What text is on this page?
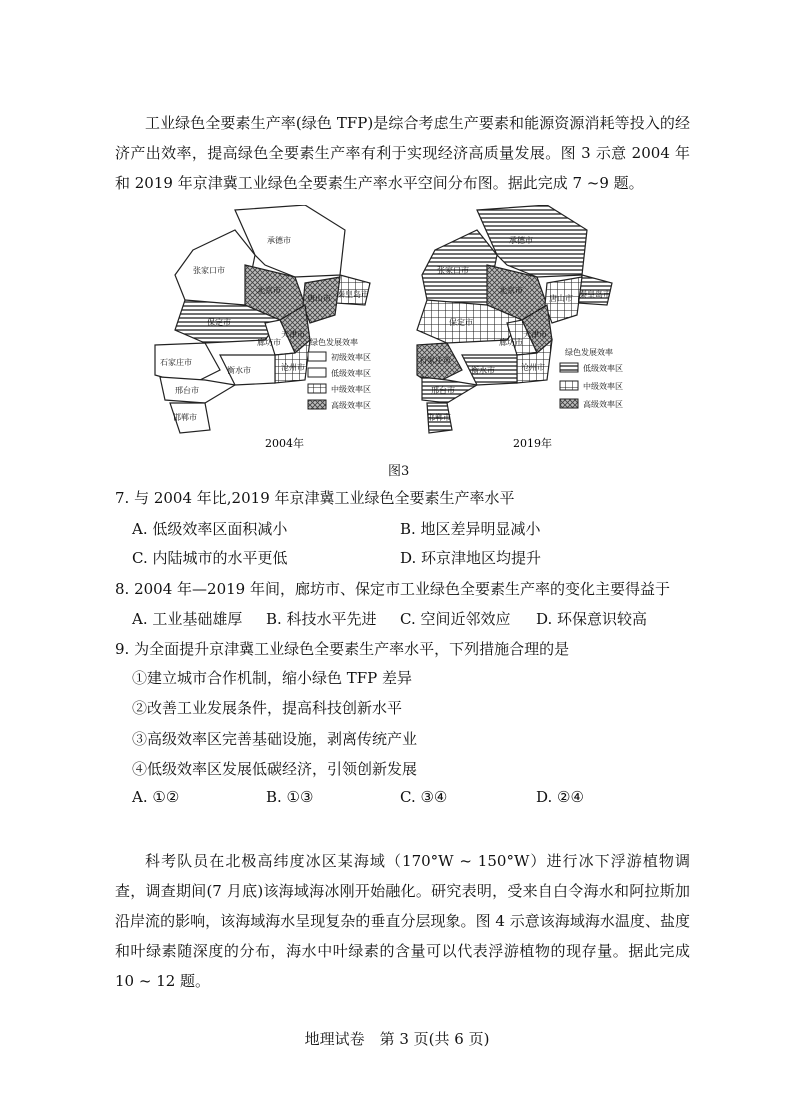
工业绿色全要素生产率(绿色 TFP)是综合考虑生产要素和能源资源消耗等投入的经济产出效率，提高绿色全要素生产率有利于实现经济高质量发展。图 3 示意 2004 年和 2019 年京津冀工业绿色全要素生产率水平空间分布图。据此完成 7 ~9 题。

张家口市
承德市
北京市
天津市
秦皇岛市
唐山市
保定市
廊坊市
沧州市
石家庄市
衡水市
邢台市
邯郸市
绿色发展效率
初级效率区
低级效率区
中级效率区
高级效率区
2004年
张家口市
承德市
北京市
天津市
秦皇岛市
唐山市
保定市
廊坊市
沧州市
石家庄市
衡水市
邢台市
邯郸市
绿色发展效率
低级效率区
中级效率区
高级效率区
2019年
图3
7. 与 2004 年比,2019 年京津冀工业绿色全要素生产率水平
A. 低级效率区面积减小	B. 地区差异明显减小
C. 内陆城市的水平更低	D. 环京津地区均提升
8. 2004 年—2019 年间，廊坊市、保定市工业绿色全要素生产率的变化主要得益于
A. 工业基础雄厚 B. 科技水平先进 C. 空间近邻效应 D. 环保意识较高
9. 为全面提升京津冀工业绿色全要素生产率水平，下列措施合理的是
①建立城市合作机制，缩小绿色 TFP 差异
②改善工业发展条件，提高科技创新水平
③高级效率区完善基础设施，剥离传统产业
④低级效率区发展低碳经济，引领创新发展
A. ①②	B. ①③	C. ③④	D. ②④

科考队员在北极高纬度冰区某海域（170°W ~ 150°W）进行冰下浮游植物调查，调查期间(7 月底)该海域海冰刚开始融化。研究表明，受来自白令海水和阿拉斯加沿岸流的影响，该海域海水呈现复杂的垂直分层现象。图 4 示意该海域海水温度、盐度和叶绿素随深度的分布，海水中叶绿素的含量可以代表浮游植物的现存量。据此完成 10 ~ 12 题。

地理试卷　第 3 页(共 6 页)
